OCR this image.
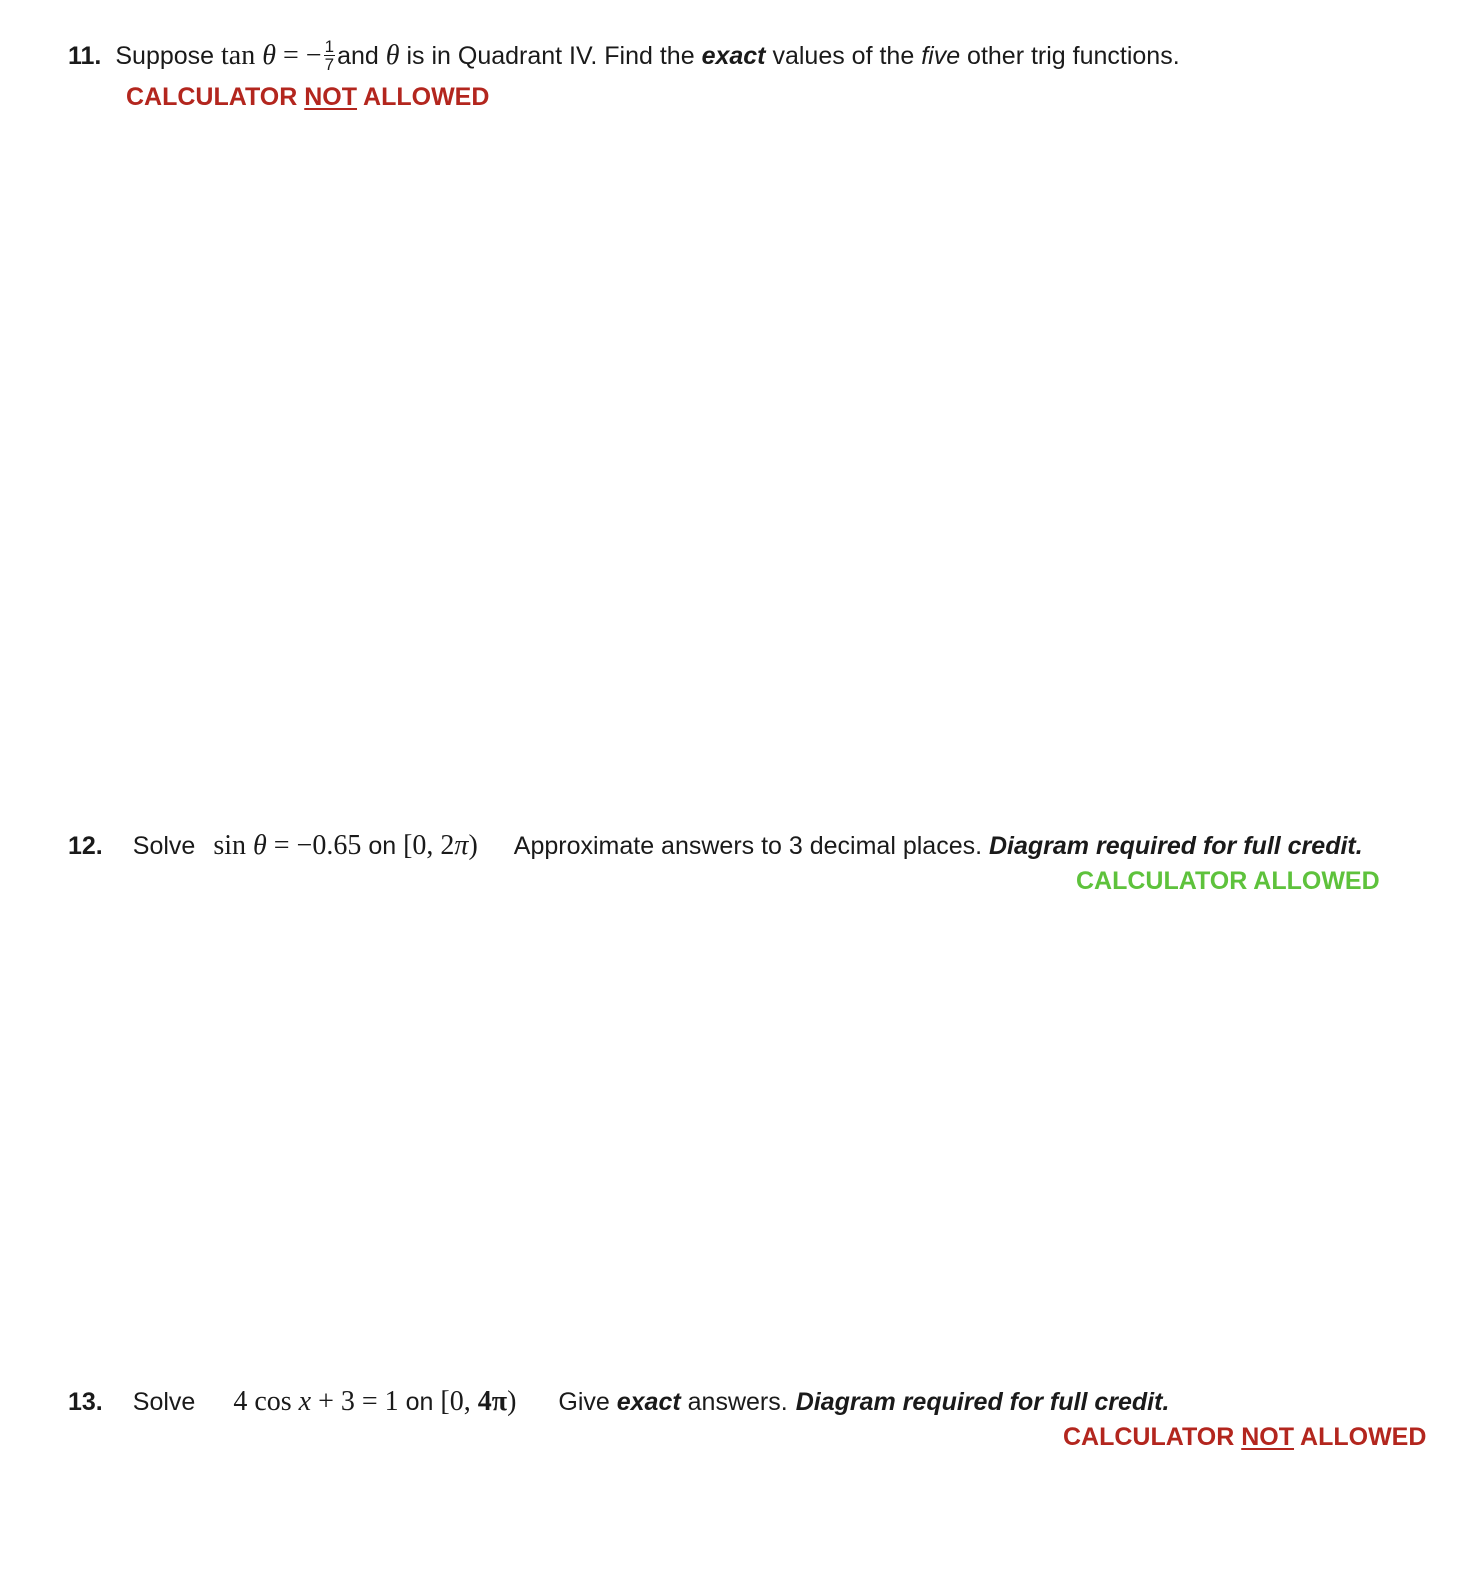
11. Suppose tan θ = − $\frac{1}{7}$ and θ is in Quadrant IV. Find the exact values of the five other trig functions.
CALCULATOR NOT ALLOWED
12. Solve sin θ = −0.65 on [0, 2π) Approximate answers to 3 decimal places. Diagram required for full credit.
CALCULATOR ALLOWED
13. Solve 4 cos x + 3 = 1 on [0, 4π) Give exact answers. Diagram required for full credit.
CALCULATOR NOT ALLOWED
